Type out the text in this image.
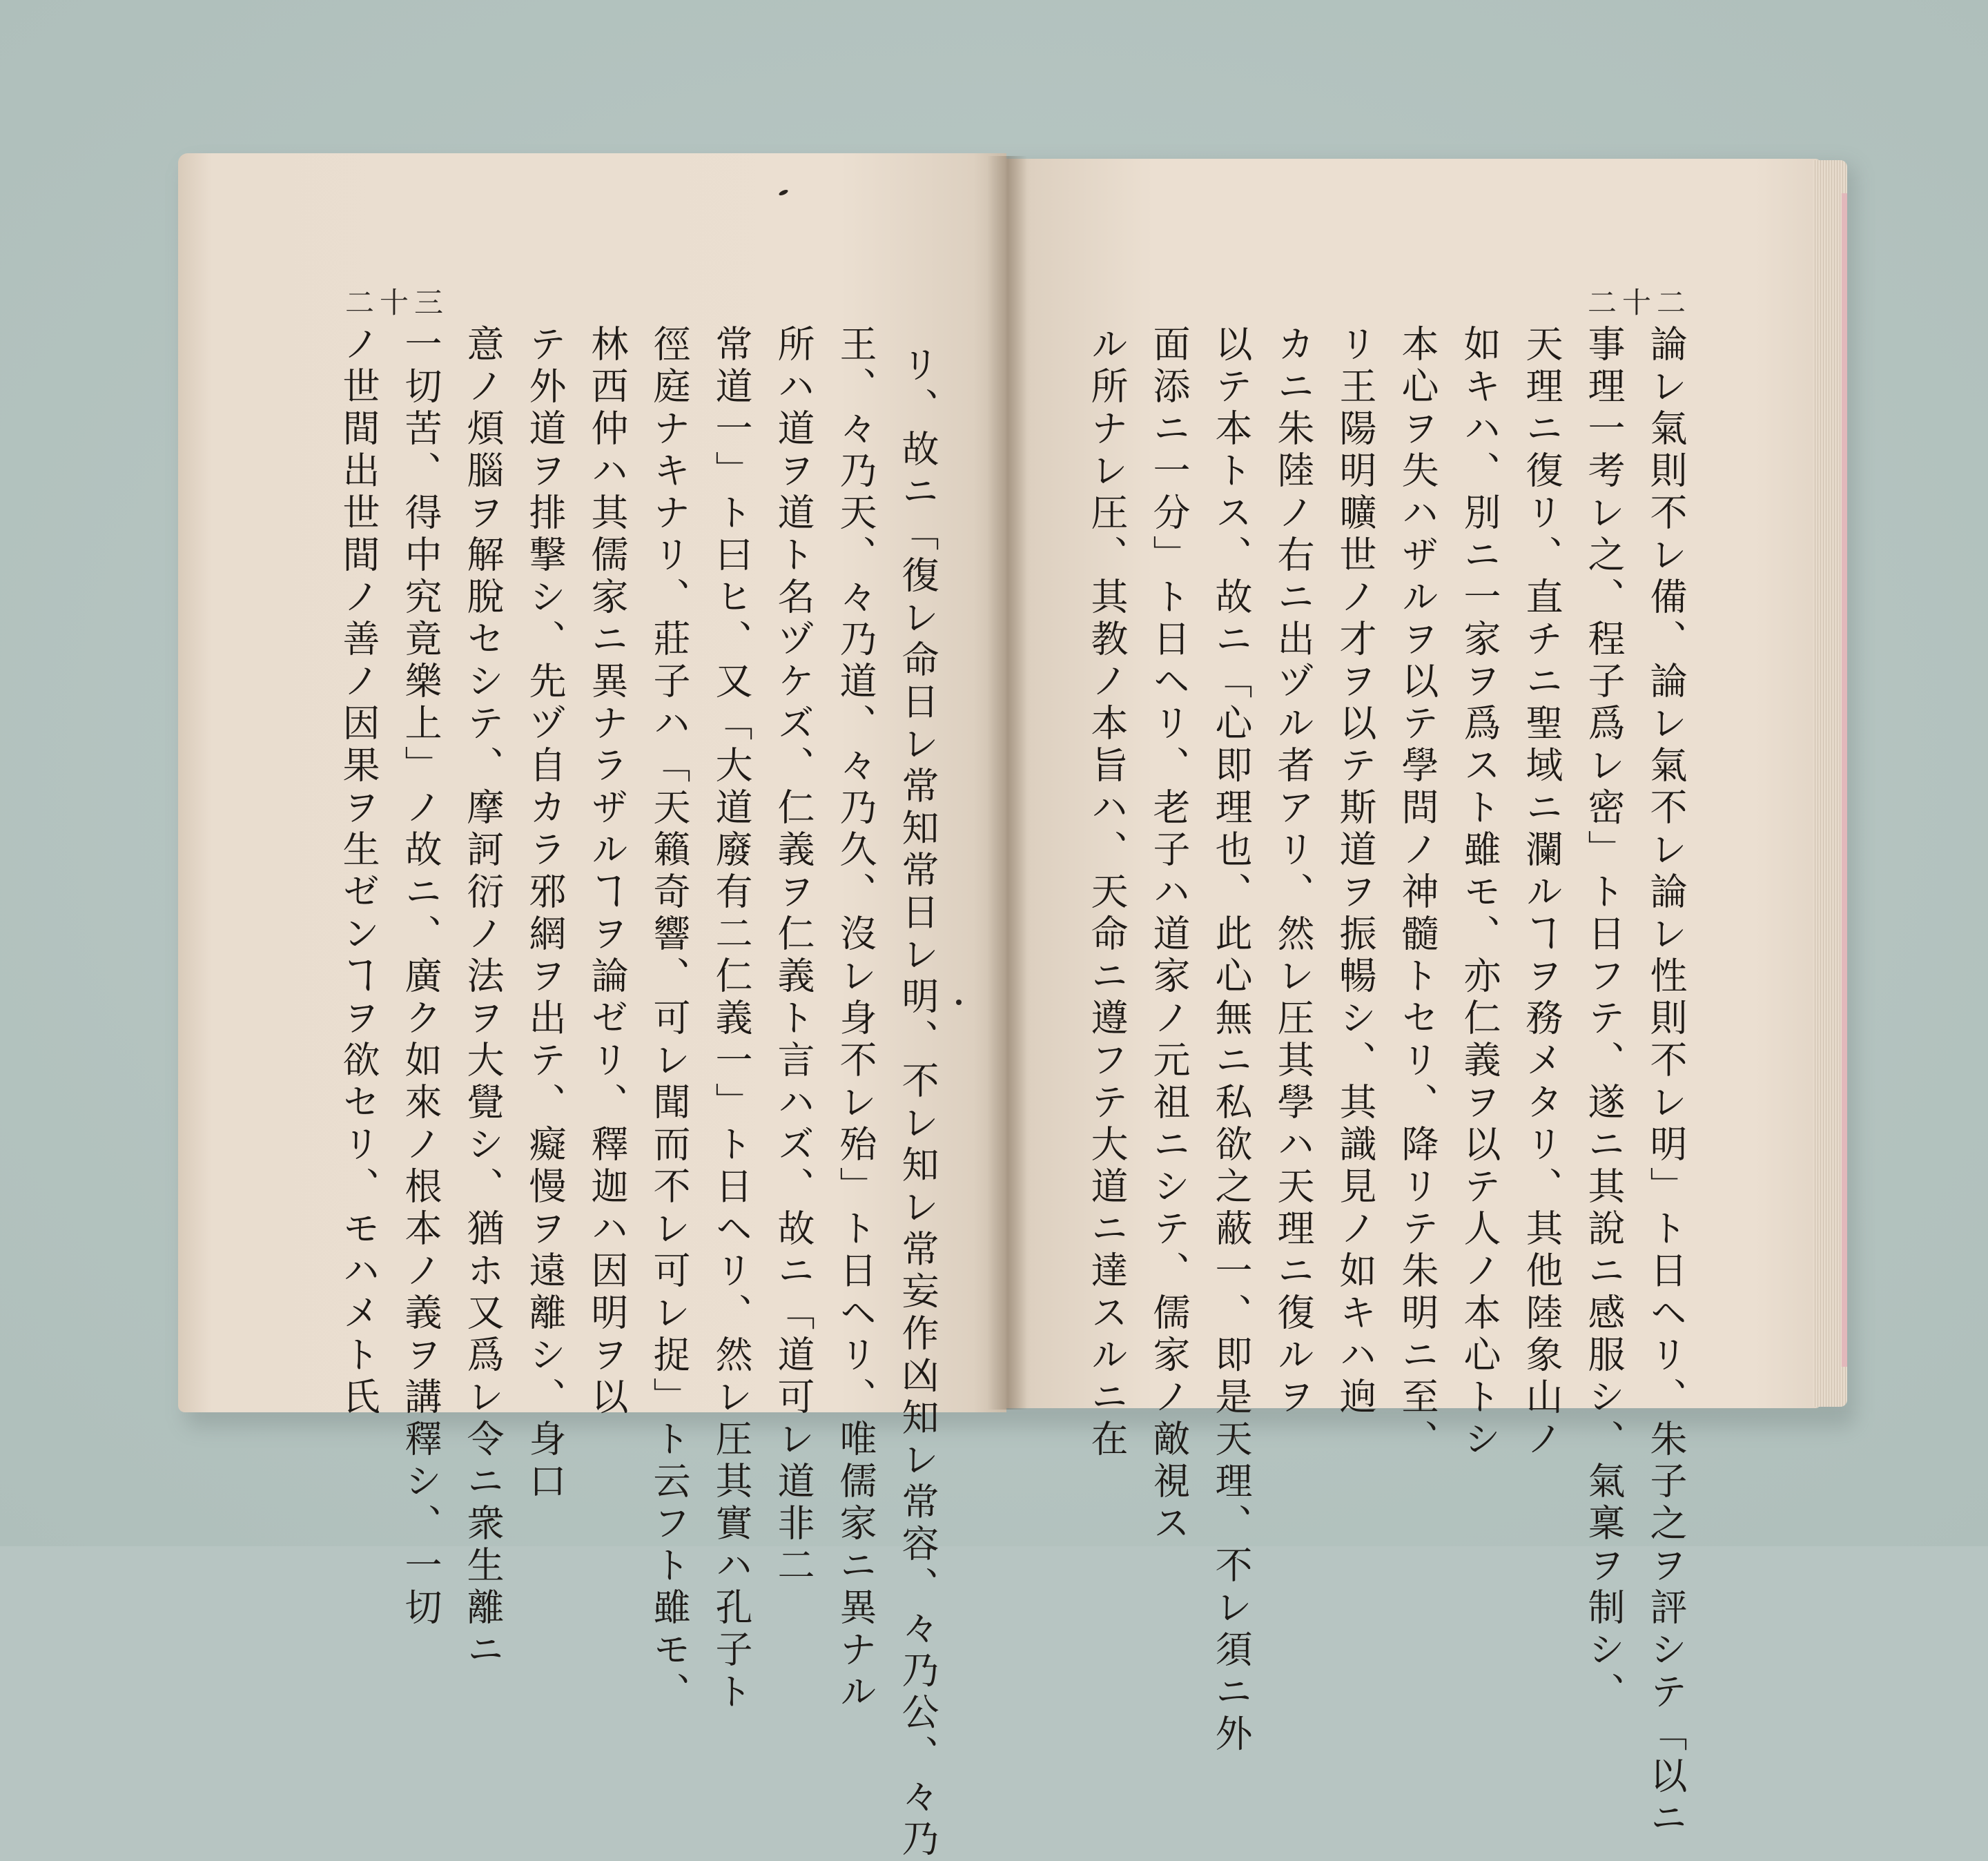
二十三	二十二
論レ氣則不レ備、論レ氣不レ論レ性則不レ明」ト日ヘリ、朱子之ヲ評シテ「以ニ
事理一考レ之、程子爲レ密」ト日フテ、遂ニ其說ニ感服シ、氣稟ヲ制シ、
天理ニ復リ、直チニ聖域ニ瀾ルヿヲ務メタリ、其他陸象山ノ
如キハ、別ニ一家ヲ爲スト雖モ、亦仁義ヲ以テ人ノ本心トシ
本心ヲ失ハザルヲ以テ學問ノ神髓トセリ、降リテ朱明ニ至、
リ王陽明曠世ノ才ヲ以テ斯道ヲ振暢シ、其識見ノ如キハ逈
カニ朱陸ノ右ニ出ヅル者アリ、然レ圧其學ハ天理ニ復ルヲ
以テ本トス、故ニ「心即理也、此心無ニ私欲之蔽一、即是天理、不レ須ニ外
面添ニ一分」ト日ヘリ、老子ハ道家ノ元祖ニシテ、儒家ノ敵視ス
ル所ナレ圧、其教ノ本旨ハ、天命ニ遵フテ大道ニ達スルニ在
リ、故ニ「復レ命日レ常知常日レ明、不レ知レ常妄作凶知レ常容、々乃公、々乃
王、々乃天、々乃道、々乃久、沒レ身不レ殆」ト日ヘリ、唯儒家ニ異ナル
所ハ道ヲ道ト名ヅケズ、仁義ヲ仁義ト言ハズ、故ニ「道可レ道非二
常道一」ト曰ヒ、又「大道廢有二仁義一」ト日ヘリ、然レ圧其實ハ孔子ト
徑庭ナキナリ、莊子ハ「天籟奇響、可レ聞而不レ可レ捉」ト云フト雖モ、
林西仲ハ其儒家ニ異ナラザルヿヲ論ゼリ、釋迦ハ因明ヲ以
テ外道ヲ排撃シ、先ヅ自カラ邪網ヲ出テ、癡慢ヲ遠離シ、身口
意ノ煩腦ヲ解脫セシテ、摩訶衍ノ法ヲ大覺シ、猶ホ又爲レ令ニ衆生離ニ
一切苦、得中究竟樂上」ノ故ニ、廣ク如來ノ根本ノ義ヲ講釋シ、一切
ノ世間出世間ノ善ノ因果ヲ生ゼンヿヲ欲セリ、モハメト氏
